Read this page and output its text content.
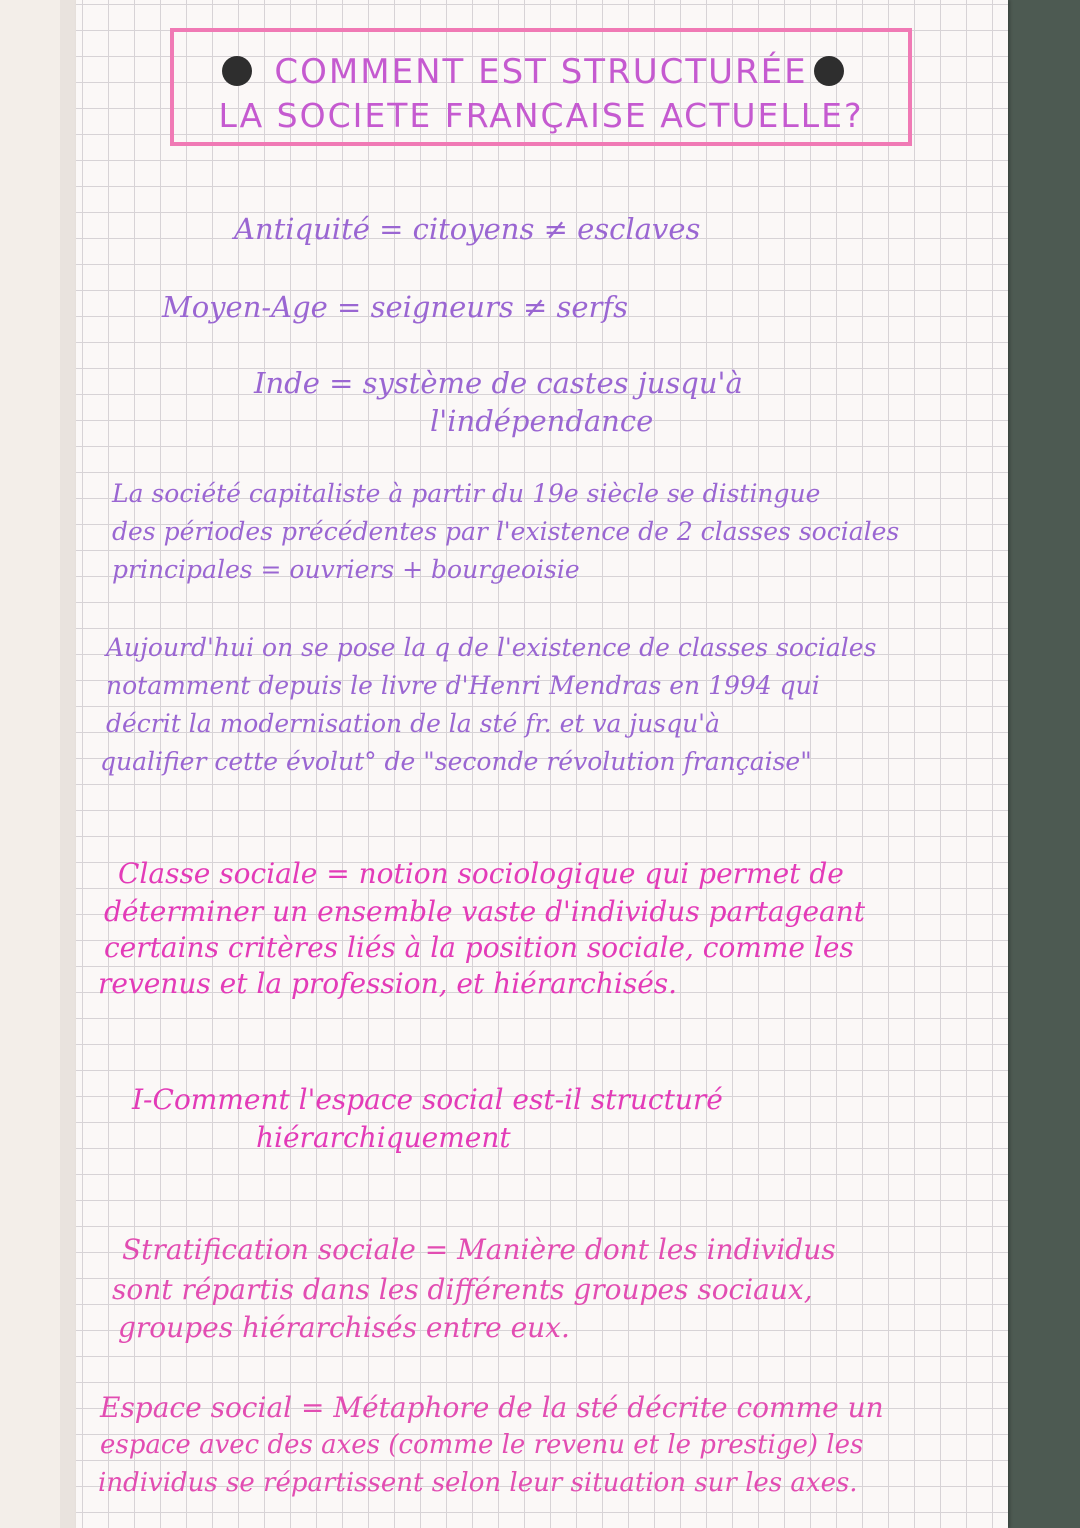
COMMENT EST STRUCTURÉE
LA SOCIETE FRANÇAISE ACTUELLE?
Antiquité = citoyens ≠ esclaves
Moyen-Age = seigneurs ≠ serfs
Inde = système de castes jusqu'à
l'indépendance
La société capitaliste à partir du 19e siècle se distingue
des périodes précédentes par l'existence de 2 classes sociales
principales = ouvriers + bourgeoisie
Aujourd'hui on se pose la q de l'existence de classes sociales
notamment depuis le livre d'Henri Mendras en 1994 qui
décrit la modernisation de la sté fr. et va jusqu'à
qualifier cette évolut° de "seconde révolution française"
Classe sociale = notion sociologique qui permet de
déterminer un ensemble vaste d'individus partageant
certains critères liés à la position sociale, comme les
revenus et la profession, et hiérarchisés.
I-Comment l'espace social est-il structuré
hiérarchiquement
Stratification sociale = Manière dont les individus
sont répartis dans les différents groupes sociaux,
groupes hiérarchisés entre eux.
Espace social = Métaphore de la sté décrite comme un
espace avec des axes (comme le revenu et le prestige) les
individus se répartissent selon leur situation sur les axes.
